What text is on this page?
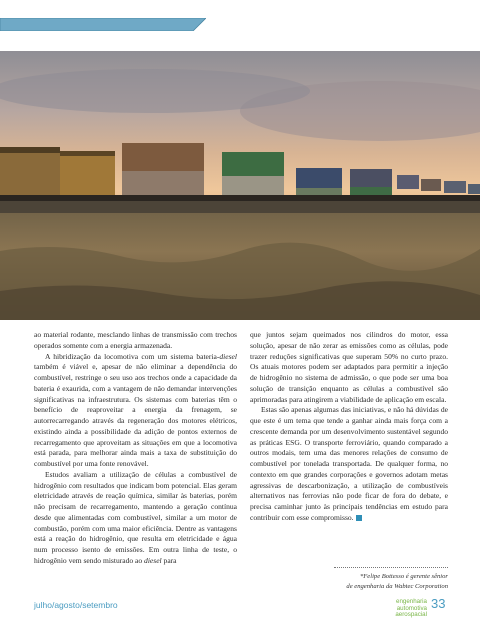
ao material rodante, mesclando linhas de transmissão com trechos operados somente com a energia armazenada.

A hibridização da locomotiva com um sistema bateria-diesel também é viável e, apesar de não eliminar a dependência do combustível, restringe o seu uso aos trechos onde a capacidade da bateria é exaurida, com a vantagem de não demandar intervenções significativas na infraestrutura. Os sistemas com baterias têm o benefício de reaproveitar a energia da frenagem, se autorrecarregando através da regeneração dos motores elétricos, existindo ainda a possibilidade da adição de pontos externos de recarregamento que aproveitam as situações em que a locomotiva está parada, para melhorar ainda mais a taxa de substituição do combustível por uma fonte renovável.

Estudos avaliam a utilização de células a combustível de hidrogênio com resultados que indicam bom potencial. Elas geram eletricidade através de reação química, similar às baterias, porém não precisam de recarregamento, mantendo a geração contínua desde que alimentadas com combustível, similar a um motor de combustão, porém com uma maior eficiência. Dentre as vantagens está a reação do hidrogênio, que resulta em eletricidade e água num processo isento de emissões. Em outra linha de teste, o hidrogênio vem sendo misturado ao diesel para

que juntos sejam queimados nos cilindros do motor, essa solução, apesar de não zerar as emissões como as células, pode trazer reduções significativas que superam 50% no curto prazo. Os atuais motores podem ser adaptados para permitir a injeção de hidrogênio no sistema de admissão, o que pode ser uma boa solução de transição enquanto as células a combustível são aprimoradas para atingirem a viabilidade de aplicação em escala.

Estas são apenas algumas das iniciativas, e não há dúvidas de que este é um tema que tende a ganhar ainda mais força com a crescente demanda por um desenvolvimento sustentável segundo as práticas ESG. O transporte ferroviário, quando comparado a outros modais, tem uma das menores relações de consumo de combustível por tonelada transportada. De qualquer forma, no contexto em que grandes corporações e governos adotam metas agressivas de descarbonização, a utilização de combustíveis alternativos nas ferrovias não pode ficar de fora do debate, e precisa caminhar junto às principais tendências em estudo para contribuir com esse compromisso.

*Felipe Bottesso é gerente sênior
de engenharia da Wabtec Corporation
julho/agosto/setembro	engenharia
automotiva
aerospacial
33
